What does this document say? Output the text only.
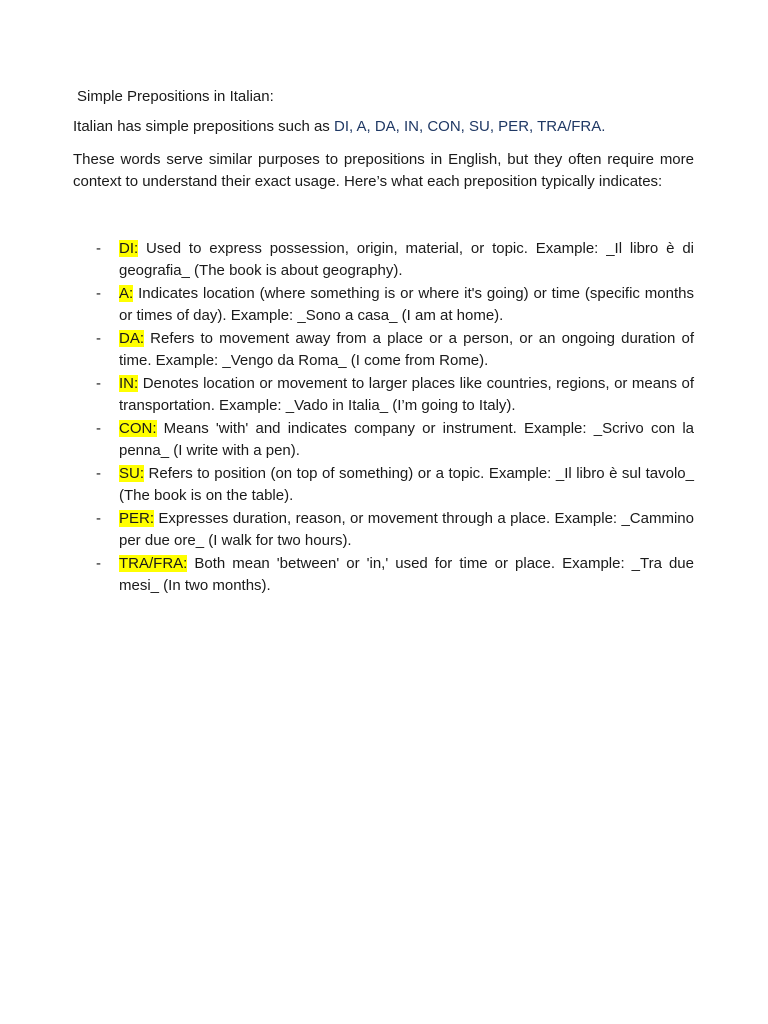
Simple Prepositions in Italian:

Italian has simple prepositions such as DI, A, DA, IN, CON, SU, PER, TRA/FRA.

These words serve similar purposes to prepositions in English, but they often require more context to understand their exact usage. Here’s what each preposition typically indicates:

- DI: Used to express possession, origin, material, or topic. Example: _Il libro è di geografia_ (The book is about geography).
- A: Indicates location (where something is or where it's going) or time (specific months or times of day). Example: _Sono a casa_ (I am at home).
- DA: Refers to movement away from a place or a person, or an ongoing duration of time. Example: _Vengo da Roma_ (I come from Rome).
- IN: Denotes location or movement to larger places like countries, regions, or means of transportation. Example: _Vado in Italia_ (I’m going to Italy).
- CON: Means 'with' and indicates company or instrument. Example: _Scrivo con la penna_ (I write with a pen).
- SU: Refers to position (on top of something) or a topic. Example: _Il libro è sul tavolo_ (The book is on the table).
- PER: Expresses duration, reason, or movement through a place. Example: _Cammino per due ore_ (I walk for two hours).
- TRA/FRA: Both mean 'between' or 'in,' used for time or place. Example: _Tra due mesi_ (In two months).
